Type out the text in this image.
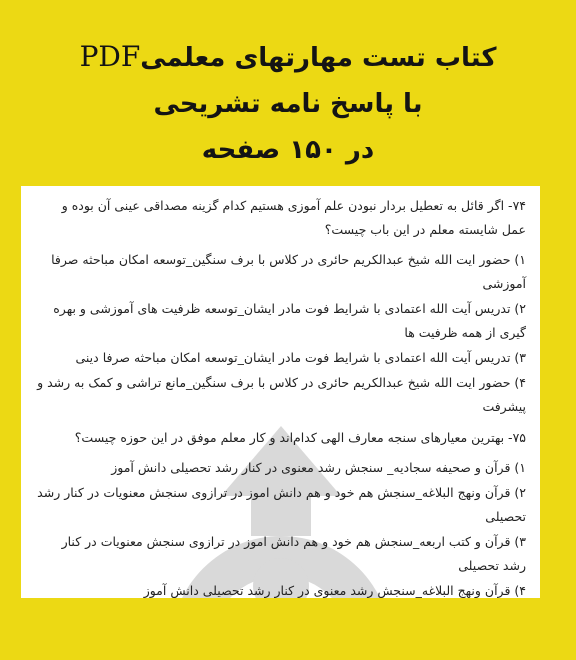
کتاب تست مهارتهای معلمیPDF
با پاسخ نامه تشریحی
در ۱۵۰ صفحه
۷۴- اگر قائل به تعطیل بردار نبودن علم آموزی هستیم کدام گزینه مصداقی عینی آن بوده و عمل شایسته معلم در این باب چیست؟
۱) حضور ایت الله شیخ عبدالکریم حائری در کلاس با برف سنگین_توسعه امکان مباحثه صرفا آموزشی
۲) تدریس آیت الله اعتمادی با شرایط فوت مادر ایشان_توسعه ظرفیت های آموزشی و بهره گیری از همه ظرفیت ها
۳) تدریس آیت الله اعتمادی با شرایط فوت مادر ایشان_توسعه امکان مباحثه صرفا دینی
۴) حضور ایت الله شیخ عبدالکریم حائری در کلاس با برف سنگین_مانع تراشی و کمک به رشد و پیشرفت
۷۵- بهترین معیارهای سنجه معارف الهی کدام‌اند و کار معلم موفق در این حوزه چیست؟
۱) قرآن و صحیفه سجادیه_ سنجش رشد معنوی در کنار رشد تحصیلی دانش آموز
۲) قرآن ونهج البلاغه_سنجش هم خود و هم دانش اموز در ترازوی سنجش معنویات در کنار رشد تحصیلی
۳) قرآن و کتب اربعه_سنجش هم خود و هم دانش اموز در ترازوی سنجش معنویات در کنار رشد تحصیلی
۴) قرآن ونهج البلاغه_سنجش رشد معنوی در کنار رشد تحصیلی دانش آموز
